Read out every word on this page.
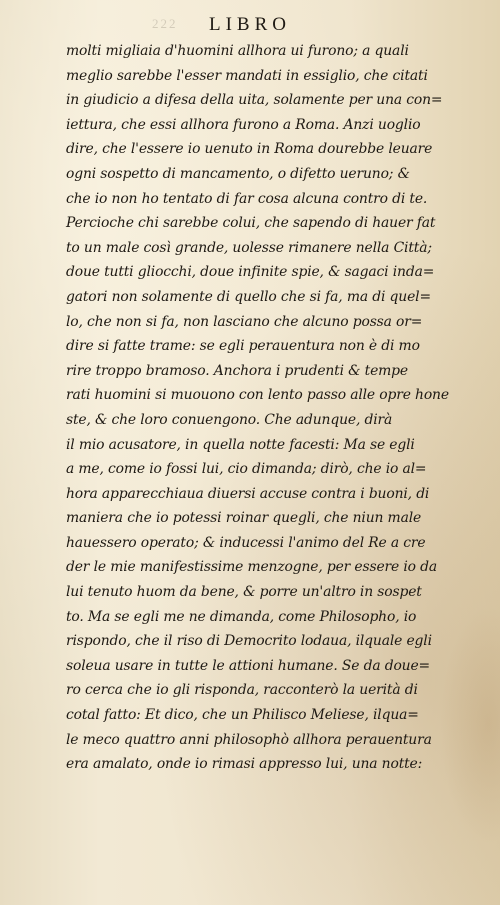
222 LIBRO
molti migliaia d'huomini allhora ui furono; a quali
meglio sarebbe l'esser mandati in essiglio, che citati
in giudicio a difesa della uita, solamente per una con=
iettura, che essi allhora furono a Roma. Anzi uoglio
dire, che l'essere io uenuto in Roma dourebbe leuare
ogni sospetto di mancamento, o difetto ueruno; &
che io non ho tentato di far cosa alcuna contro di te.
Percioche chi sarebbe colui, che sapendo di hauer fat
to un male così grande, uolesse rimanere nella Città;
doue tutti gliocchi, doue infinite spie, & sagaci inda=
gatori non solamente di quello che si fa, ma di quel=
lo, che non si fa, non lasciano che alcuno possa or=
dire si fatte trame: se egli perauentura non è di mo
rire troppo bramoso. Anchora i prudenti & tempe
rati huomini si muouono con lento passo alle opre hone
ste, & che loro conuengono. Che adunque, dirà
il mio acusatore, in quella notte facesti: Ma se egli
a me, come io fossi lui, cio dimanda; dirò, che io al=
hora apparecchiaua diuersi accuse contra i buoni, di
maniera che io potessi roinar quegli, che niun male
hauessero operato; & inducessi l'animo del Re a cre
der le mie manifestissime menzogne, per essere io da
lui tenuto huom da bene, & porre un'altro in sospet
to. Ma se egli me ne dimanda, come Philosopho, io
rispondo, che il riso di Democrito lodaua, ilquale egli
soleua usare in tutte le attioni humane. Se da doue=
ro cerca che io gli risponda, racconterò la uerità di
cotal fatto: Et dico, che un Philisco Meliese, ilqua=
le meco quattro anni philosophò allhora perauentura
era amalato, onde io rimasi appresso lui, una notte:
